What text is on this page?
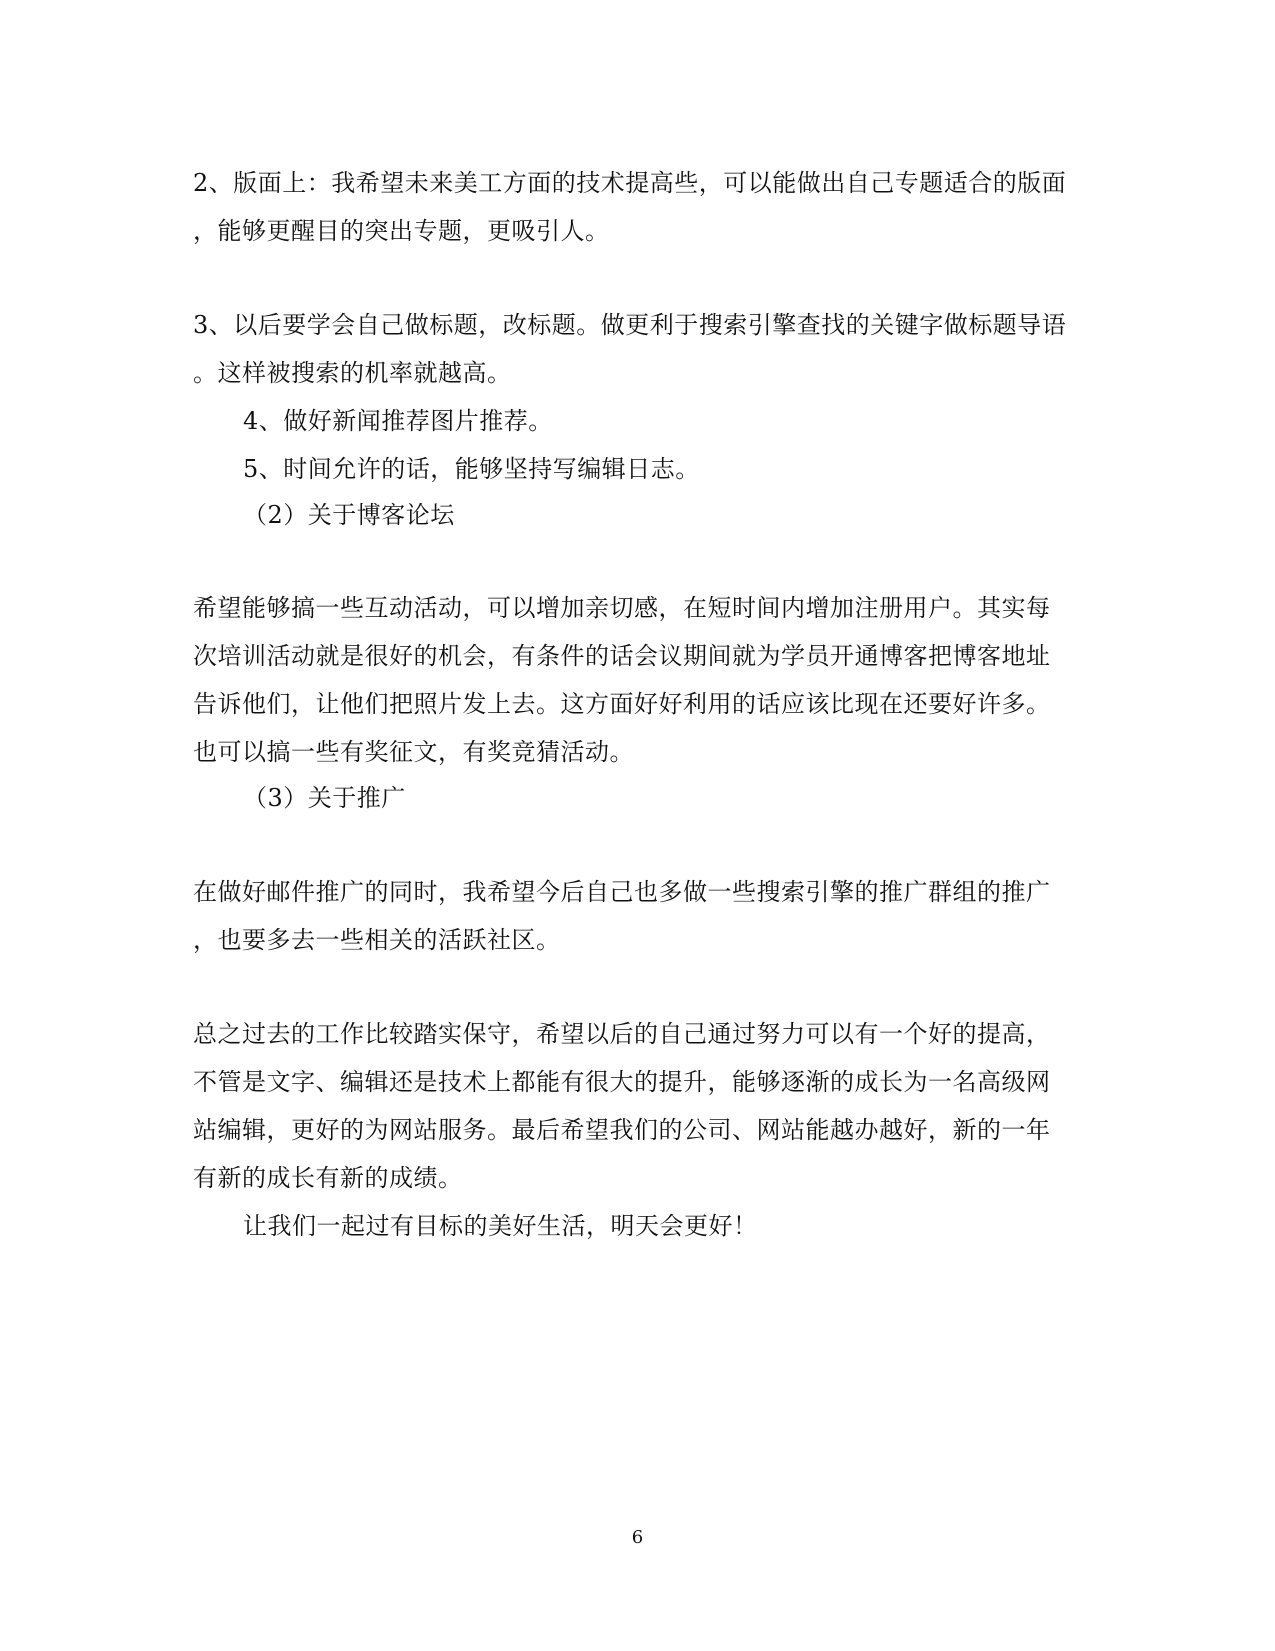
2、版面上：我希望未来美工方面的技术提高些，可以能做出自己专题适合的版面
，能够更醒目的突出专题，更吸引人。
3、以后要学会自己做标题，改标题。做更利于搜索引擎查找的关键字做标题导语
。这样被搜索的机率就越高。
4、做好新闻推荐图片推荐。
5、时间允许的话，能够坚持写编辑日志。
（2）关于博客论坛
希望能够搞一些互动活动，可以增加亲切感，在短时间内增加注册用户。其实每
次培训活动就是很好的机会，有条件的话会议期间就为学员开通博客把博客地址
告诉他们，让他们把照片发上去。这方面好好利用的话应该比现在还要好许多。
也可以搞一些有奖征文，有奖竞猜活动。
（3）关于推广
在做好邮件推广的同时，我希望今后自己也多做一些搜索引擎的推广群组的推广
，也要多去一些相关的活跃社区。
总之过去的工作比较踏实保守，希望以后的自己通过努力可以有一个好的提高，
不管是文字、编辑还是技术上都能有很大的提升，能够逐渐的成长为一名高级网
站编辑，更好的为网站服务。最后希望我们的公司、网站能越办越好，新的一年
有新的成长有新的成绩。
让我们一起过有目标的美好生活，明天会更好！
6
